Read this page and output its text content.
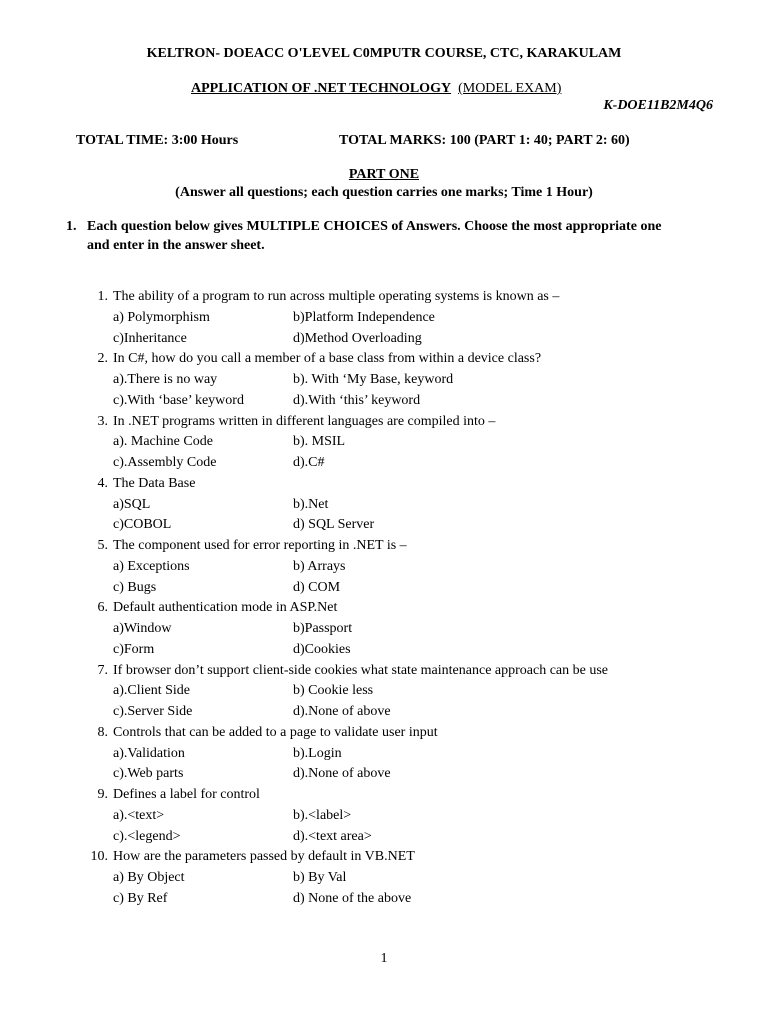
KELTRON- DOEACC O'LEVEL C0MPUTR COURSE, CTC, KARAKULAM
APPLICATION OF .NET TECHNOLOGY (MODEL EXAM)
K-DOE11B2M4Q6
TOTAL TIME: 3:00 Hours	TOTAL MARKS: 100 (PART 1: 40; PART 2: 60)
PART ONE
(Answer all questions; each question carries one marks; Time 1 Hour)
1. Each question below gives MULTIPLE CHOICES of Answers. Choose the most appropriate one
and enter in the answer sheet.
1. The ability of a program to run across multiple operating systems is known as –
a) Polymorphism	b)Platform Independence
c)Inheritance	d)Method Overloading
2. In C#, how do you call a member of a base class from within a device class?
a).There is no way	b). With ‘My Base, keyword
c).With ‘base’ keyword	d).With ‘this’ keyword
3. In .NET programs written in different languages are compiled into –
a). Machine Code	b). MSIL
c).Assembly Code	d).C#
4. The Data Base
a)SQL	b).Net
c)COBOL	d) SQL Server
5. The component used for error reporting in .NET is –
a) Exceptions	b) Arrays
c) Bugs	d) COM
6. Default authentication mode in ASP.Net
a)Window	b)Passport
c)Form	d)Cookies
7. If browser don’t support client-side cookies what state maintenance approach can be use
a).Client Side	b) Cookie less
c).Server Side	d).None of above
8. Controls that can be added to a page to validate user input
a).Validation	b).Login
c).Web parts	d).None of above
9. Defines a label for control
a).<text>	b).<label>
c).<legend>	d).<text area>
10. How are the parameters passed by default in VB.NET
a) By Object	b) By Val
c) By Ref	d) None of the above
1
